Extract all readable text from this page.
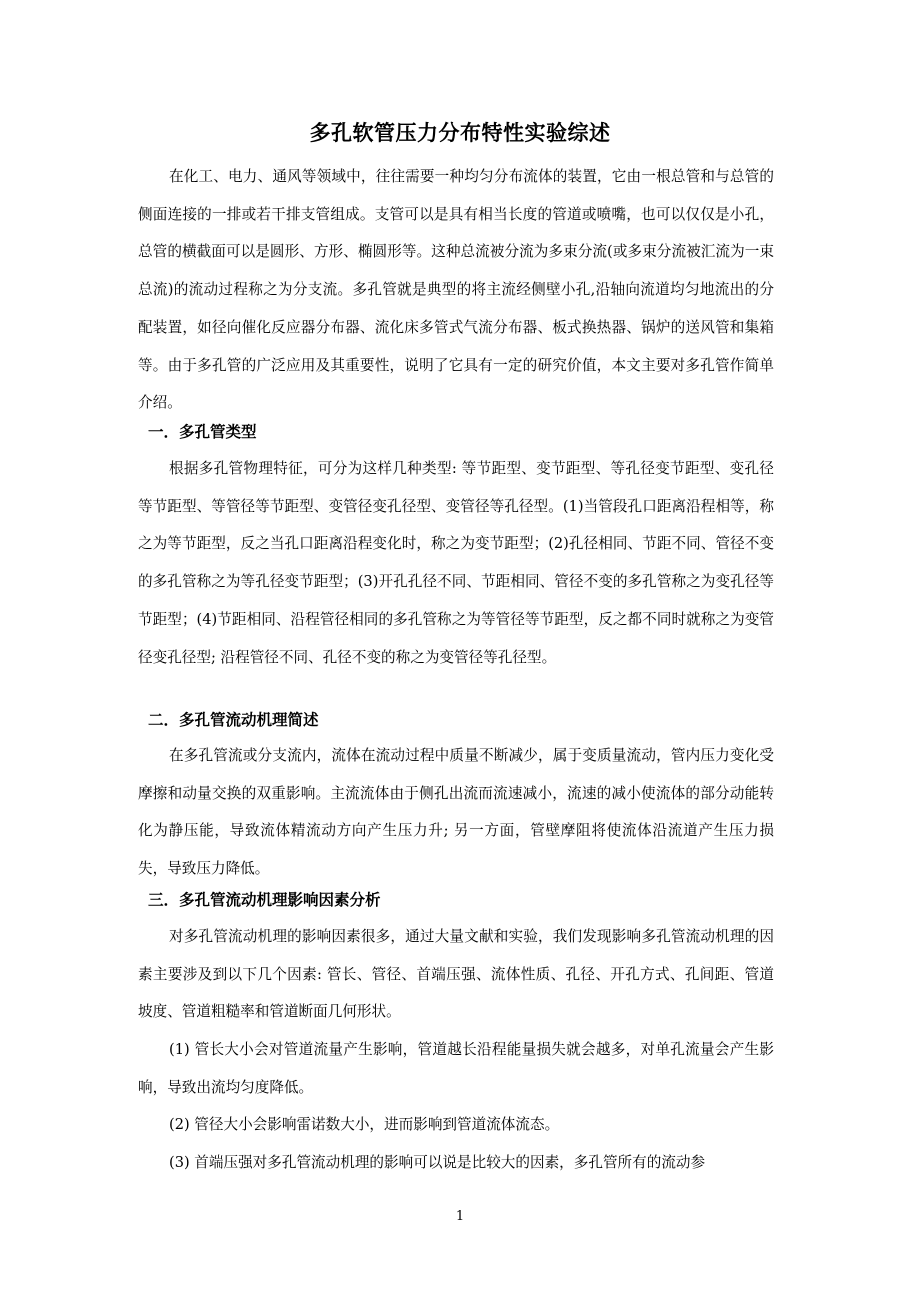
多孔软管压力分布特性实验综述

在化工、电力、通风等领域中，往往需要一种均匀分布流体的装置，它由一根总管和与总管的侧面连接的一排或若干排支管组成。支管可以是具有相当长度的管道或喷嘴，也可以仅仅是小孔，总管的横截面可以是圆形、方形、椭圆形等。这种总流被分流为多束分流(或多束分流被汇流为一束总流)的流动过程称之为分支流。多孔管就是典型的将主流经侧壁小孔,沿轴向流道均匀地流出的分配装置，如径向催化反应器分布器、流化床多管式气流分布器、板式换热器、锅炉的送风管和集箱等。由于多孔管的广泛应用及其重要性，说明了它具有一定的研究价值，本文主要对多孔管作简单介绍。

一．多孔管类型

根据多孔管物理特征，可分为这样几种类型: 等节距型、变节距型、等孔径变节距型、变孔径等节距型、等管径等节距型、变管径变孔径型、变管径等孔径型。(1)当管段孔口距离沿程相等，称之为等节距型，反之当孔口距离沿程变化时，称之为变节距型；(2)孔径相同、节距不同、管径不变的多孔管称之为等孔径变节距型；(3)开孔孔径不同、节距相同、管径不变的多孔管称之为变孔径等节距型；(4)节距相同、沿程管径相同的多孔管称之为等管径等节距型，反之都不同时就称之为变管径变孔径型; 沿程管径不同、孔径不变的称之为变管径等孔径型。

二．多孔管流动机理简述

在多孔管流或分支流内，流体在流动过程中质量不断减少，属于变质量流动，管内压力变化受摩擦和动量交换的双重影响。主流流体由于侧孔出流而流速减小，流速的减小使流体的部分动能转化为静压能，导致流体精流动方向产生压力升; 另一方面，管壁摩阻将使流体沿流道产生压力损失，导致压力降低。

三．多孔管流动机理影响因素分析

对多孔管流动机理的影响因素很多，通过大量文献和实验，我们发现影响多孔管流动机理的因素主要涉及到以下几个因素: 管长、管径、首端压强、流体性质、孔径、开孔方式、孔间距、管道坡度、管道粗糙率和管道断面几何形状。

(1) 管长大小会对管道流量产生影响，管道越长沿程能量损失就会越多，对单孔流量会产生影响，导致出流均匀度降低。

(2) 管径大小会影响雷诺数大小，进而影响到管道流体流态。

(3) 首端压强对多孔管流动机理的影响可以说是比较大的因素，多孔管所有的流动参

1
